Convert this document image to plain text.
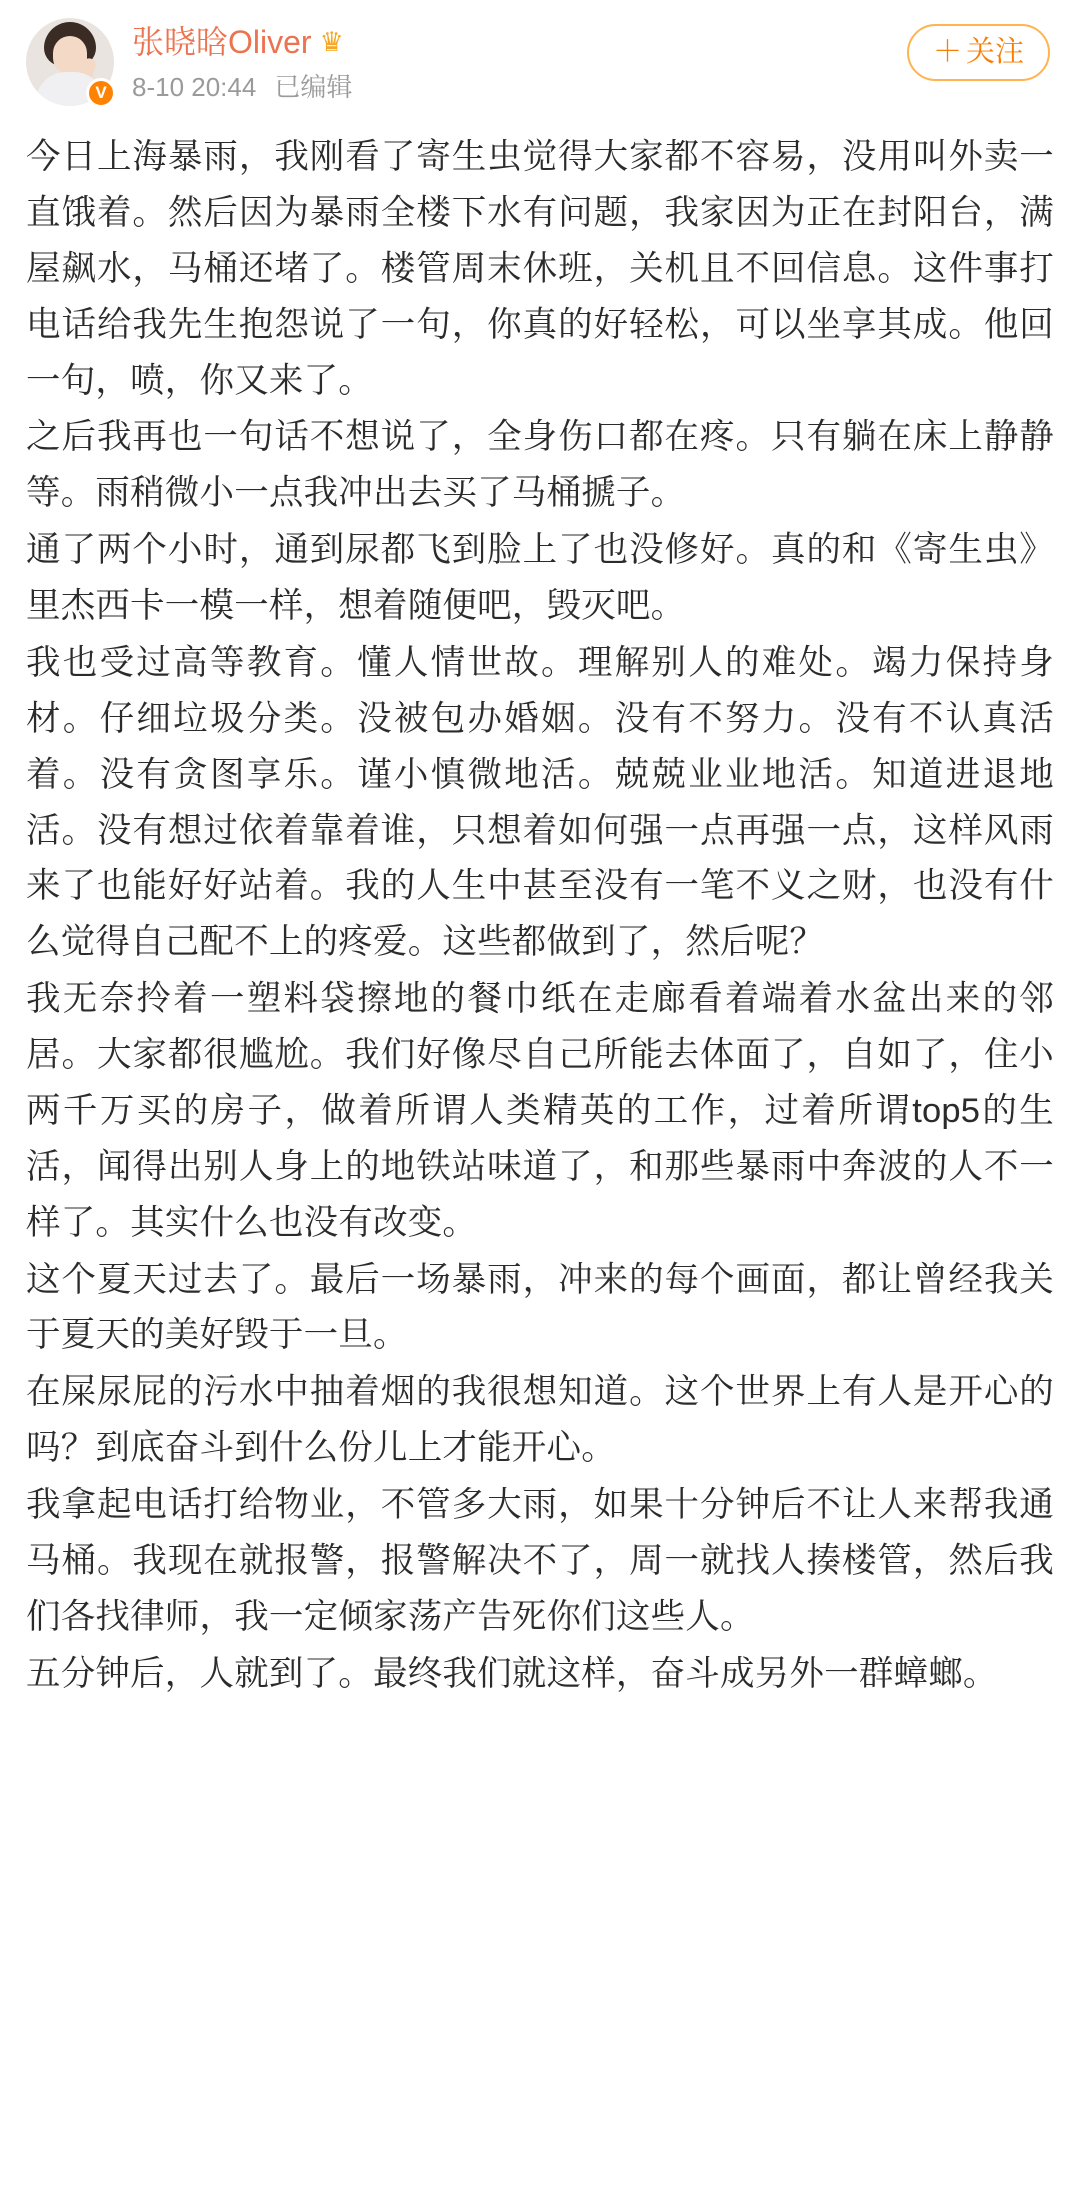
V
张晓晗Oliver ♛
8-10 20:44 已编辑
＋ 关注

今日上海暴雨，我刚看了寄生虫觉得大家都不容易，没用叫外卖一直饿着。然后因为暴雨全楼下水有问题，我家因为正在封阳台，满屋飙水，马桶还堵了。楼管周末休班，关机且不回信息。这件事打电话给我先生抱怨说了一句，你真的好轻松，可以坐享其成。他回一句，喷，你又来了。

之后我再也一句话不想说了，全身伤口都在疼。只有躺在床上静静等。雨稍微小一点我冲出去买了马桶搋子。

通了两个小时，通到尿都飞到脸上了也没修好。真的和《寄生虫》里杰西卡一模一样，想着随便吧，毁灭吧。

我也受过高等教育。懂人情世故。理解别人的难处。竭力保持身材。仔细垃圾分类。没被包办婚姻。没有不努力。没有不认真活着。没有贪图享乐。谨小慎微地活。兢兢业业地活。知道进退地活。没有想过依着靠着谁，只想着如何强一点再强一点，这样风雨来了也能好好站着。我的人生中甚至没有一笔不义之财，也没有什么觉得自己配不上的疼爱。这些都做到了，然后呢？

我无奈拎着一塑料袋擦地的餐巾纸在走廊看着端着水盆出来的邻居。大家都很尴尬。我们好像尽自己所能去体面了，自如了，住小两千万买的房子，做着所谓人类精英的工作，过着所谓top5的生活，闻得出别人身上的地铁站味道了，和那些暴雨中奔波的人不一样了。其实什么也没有改变。

这个夏天过去了。最后一场暴雨，冲来的每个画面，都让曾经我关于夏天的美好毁于一旦。

在屎尿屁的污水中抽着烟的我很想知道。这个世界上有人是开心的吗？到底奋斗到什么份儿上才能开心。

我拿起电话打给物业，不管多大雨，如果十分钟后不让人来帮我通马桶。我现在就报警，报警解决不了，周一就找人揍楼管，然后我们各找律师，我一定倾家荡产告死你们这些人。

五分钟后，人就到了。最终我们就这样，奋斗成另外一群蟑螂。
